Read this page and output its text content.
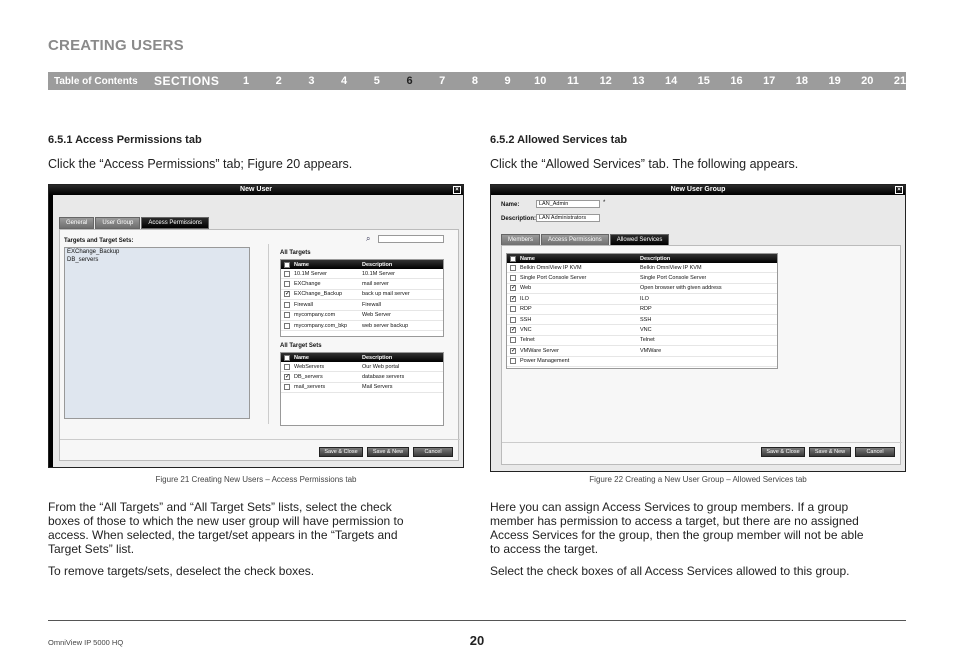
CREATING USERS
Table of Contents	SECTIONS	1 2 3 4 5 6 7 8 9 10 11 12 13 14 15 16 17 18 19 20 21
6.5.1 Access Permissions tab
Click the “Access Permissions” tab; Figure 20 appears.
New User	×
General	User Group	Access Permissions
Targets and Target Sets:
EXChange_Backup
DB_servers
⌕
All Targets
Name	Description
10.1M Server	10.1M Server
EXChange	mail server
✓ EXChange_Backup	back up mail server
Firewall	Firewall
mycompany.com	Web Server
mycompany.com_bkp	web server backup
All Target Sets
Name	Description
WebServers	Our Web portal
✓ DB_servers	database servers
mail_servers	Mail Servers
Save & Close	Save & New	Cancel
Figure 21 Creating New Users – Access Permissions tab
From the “All Targets” and “All Target Sets” lists, select the check
boxes of those to which the new user group will have permission to
access. When selected, the target/set appears in the “Targets and
Target Sets” list.
To remove targets/sets, deselect the check boxes.
6.5.2 Allowed Services tab
Click the “Allowed Services” tab. The following appears.
New User Group	×
Name:	LAN_Admin	*
Description: LAN Administrators
Members	Access Permissions	Allowed Services
Name	Description
Belkin OmniView IP KVM	Belkin OmniView IP KVM
Single Port Console Server	Single Port Console Server
✓ Web	Open browser with given address
✓ ILO	ILO
RDP	RDP
SSH	SSH
✓ VNC	VNC
Telnet	Telnet
✓ VMWare Server	VMWare
Power Management
Save & Close	Save & New	Cancel
Figure 22 Creating a New User Group – Allowed Services tab
Here you can assign Access Services to group members. If a group
member has permission to access a target, but there are no assigned
Access Services for the group, then the group member will not be able
to access the target.
Select the check boxes of all Access Services allowed to this group.
OmniView IP 5000 HQ	20
